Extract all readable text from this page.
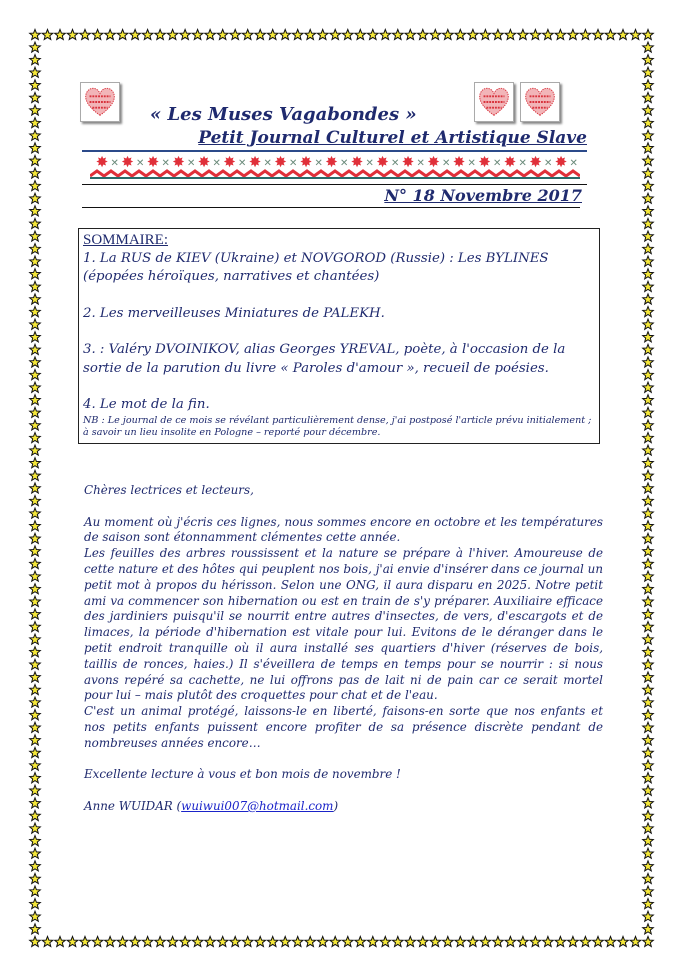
« Les Muses Vagabondes »
Petit Journal Culturel et Artistique Slave
✸ ✕ ✸ ✕ ✸ ✕ ✸ ✕ ✸ ✕ ✸ ✕ ✸ ✕ ✸ ✕ ✸ ✕ ✸ ✕ ✸ ✕ ✸ ✕ ✸ ✕ ✸ ✕ ✸ ✕ ✸ ✕ ✸ ✕ ✸ ✕ ✸ ✕
N° 18 Novembre 2017

SOMMAIRE:

1. La RUS de KIEV (Ukraine) et NOVGOROD (Russie) : Les BYLINES (épopées héroïques, narratives et chantées)

2. Les merveilleuses Miniatures de PALEKH.

3. : Valéry DVOINIKOV, alias Georges YREVAL, poète, à l'occasion de la sortie de la parution du livre « Paroles d'amour », recueil de poésies.

4. Le mot de la fin.

NB : Le journal de ce mois se révélant particulièrement dense, j'ai postposé l'article prévu initialement ; à savoir un lieu insolite en Pologne – reporté pour décembre.

Chères lectrices et lecteurs,

Au moment où j'écris ces lignes, nous sommes encore en octobre et les températures de saison sont étonnamment clémentes cette année.

Les feuilles des arbres roussissent et la nature se prépare à l'hiver. Amoureuse de cette nature et des hôtes qui peuplent nos bois, j'ai envie d'insérer dans ce journal un petit mot à propos du hérisson. Selon une ONG, il aura disparu en 2025. Notre petit ami va commencer son hibernation ou est en train de s'y préparer. Auxiliaire efficace des jardiniers puisqu'il se nourrit entre autres d'insectes, de vers, d'escargots et de limaces, la période d'hibernation est vitale pour lui. Evitons de le déranger dans le petit endroit tranquille où il aura installé ses quartiers d'hiver (réserves de bois, taillis de ronces, haies.) Il s'éveillera de temps en temps pour se nourrir : si nous avons repéré sa cachette, ne lui offrons pas de lait ni de pain car ce serait mortel pour lui – mais plutôt des croquettes pour chat et de l'eau.

C'est un animal protégé, laissons-le en liberté, faisons-en sorte que nos enfants et nos petits enfants puissent encore profiter de sa présence discrète pendant de nombreuses années encore…

Excellente lecture à vous et bon mois de novembre !

Anne WUIDAR (wuiwui007@hotmail.com)
